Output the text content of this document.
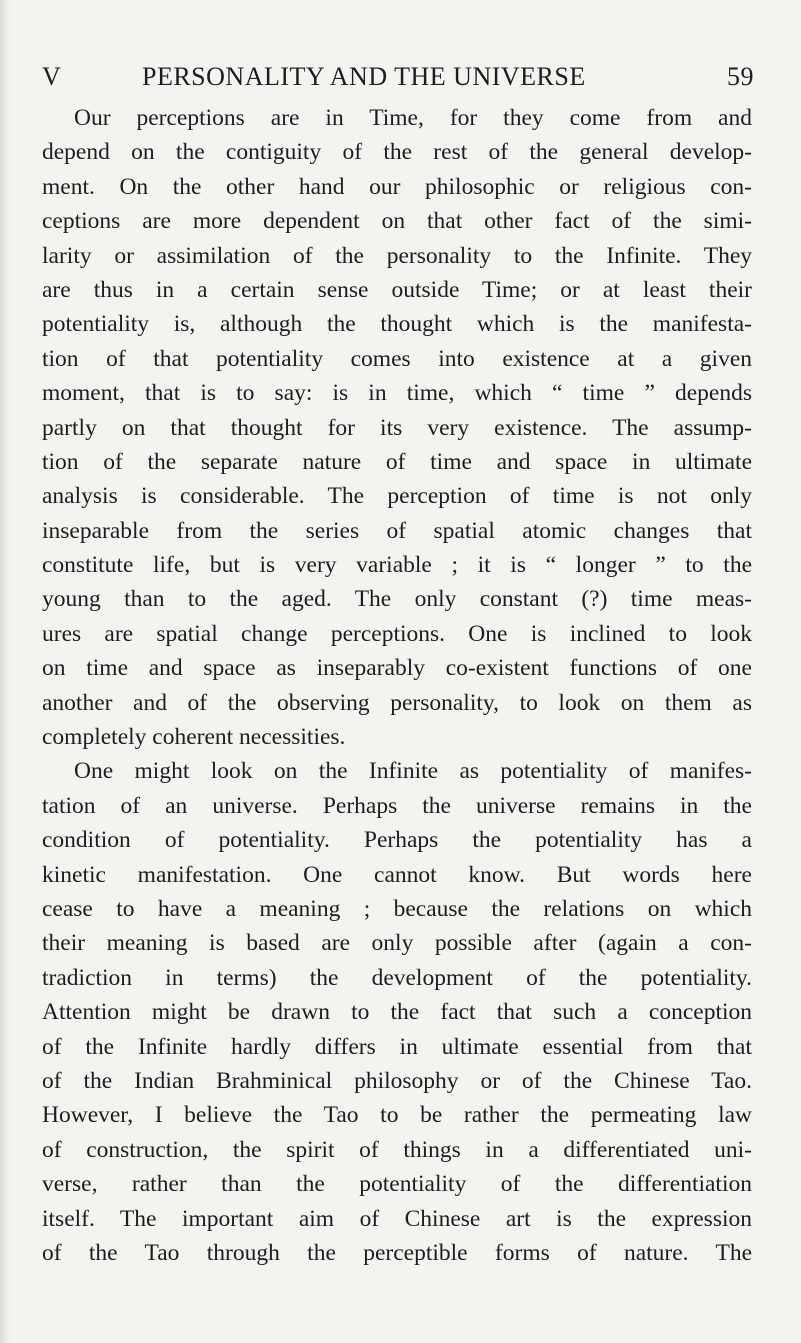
V	PERSONALITY AND THE UNIVERSE	59
Our perceptions are in Time, for they come from and
depend on the contiguity of the rest of the general develop-
ment. On the other hand our philosophic or religious con-
ceptions are more dependent on that other fact of the simi-
larity or assimilation of the personality to the Infinite. They
are thus in a certain sense outside Time; or at least their
potentiality is, although the thought which is the manifesta-
tion of that potentiality comes into existence at a given
moment, that is to say: is in time, which “ time ” depends
partly on that thought for its very existence. The assump-
tion of the separate nature of time and space in ultimate
analysis is considerable. The perception of time is not only
inseparable from the series of spatial atomic changes that
constitute life, but is very variable ; it is “ longer ” to the
young than to the aged. The only constant (?) time meas-
ures are spatial change perceptions. One is inclined to look
on time and space as inseparably co-existent functions of one
another and of the observing personality, to look on them as
completely coherent necessities.
One might look on the Infinite as potentiality of manifes-
tation of an universe. Perhaps the universe remains in the
condition of potentiality. Perhaps the potentiality has a
kinetic manifestation. One cannot know. But words here
cease to have a meaning ; because the relations on which
their meaning is based are only possible after (again a con-
tradiction in terms) the development of the potentiality.
Attention might be drawn to the fact that such a conception
of the Infinite hardly differs in ultimate essential from that
of the Indian Brahminical philosophy or of the Chinese Tao.
However, I believe the Tao to be rather the permeating law
of construction, the spirit of things in a differentiated uni-
verse, rather than the potentiality of the differentiation
itself. The important aim of Chinese art is the expression
of the Tao through the perceptible forms of nature. The
